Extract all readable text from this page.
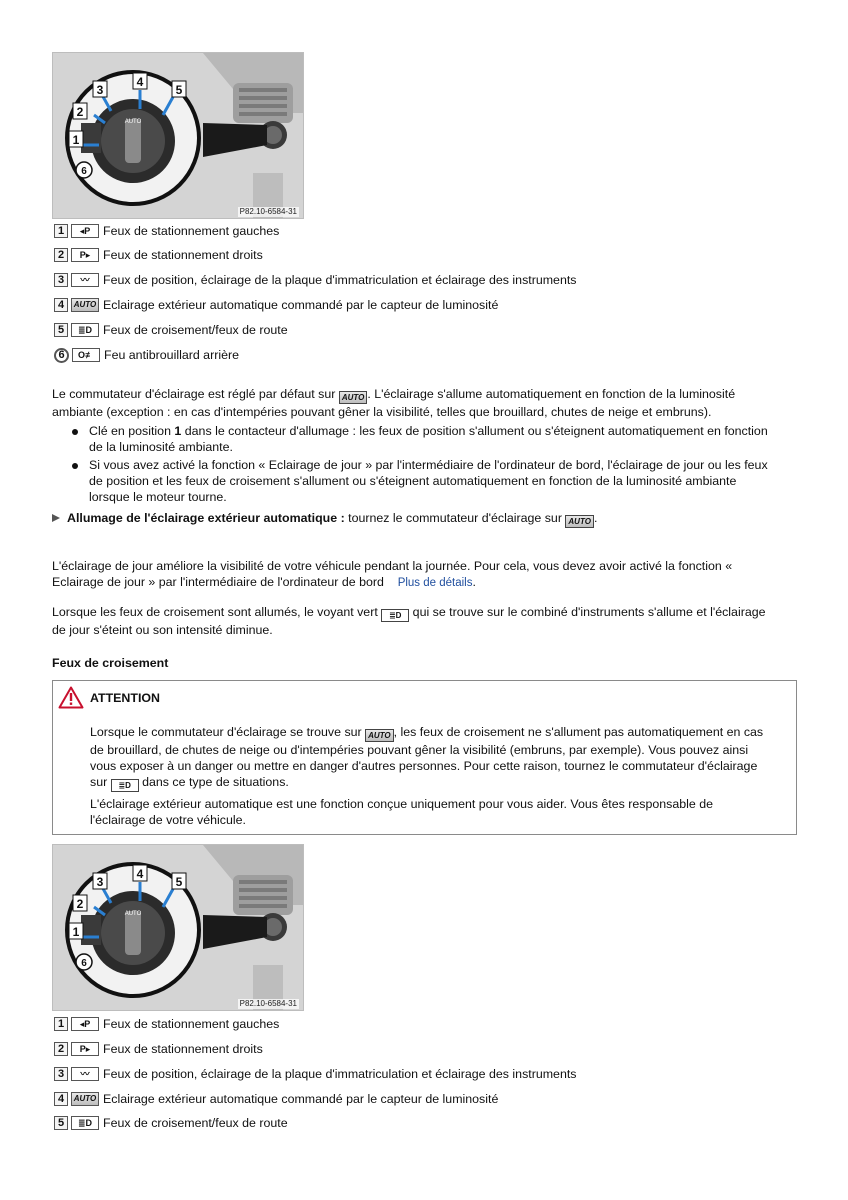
AUTO
1
2
3
4
5
6
P82.10-6584-31
1	◂P	Feux de stationnement gauches
2	P▸	Feux de stationnement droits
3	〰	Feux de position, éclairage de la plaque d'immatriculation et éclairage des instruments
4	AUTO Eclairage extérieur automatique commandé par le capteur de luminosité
5	≣D Feux de croisement/feux de route
6	O≢ Feu antibrouillard arrière
Le commutateur d'éclairage est réglé par défaut sur AUTO . L'éclairage s'allume automatiquement en fonction de la luminosité
ambiante (exception : en cas d'intempéries pouvant gêner la visibilité, telles que brouillard, chutes de neige et embruns).
Clé en position 1 dans le contacteur d'allumage : les feux de position s'allument ou s'éteignent automatiquement en fonction
de la luminosité ambiante.
Si vous avez activé la fonction « Eclairage de jour » par l'intermédiaire de l'ordinateur de bord, l'éclairage de jour ou les feux
de position et les feux de croisement s'allument ou s'éteignent automatiquement en fonction de la luminosité ambiante
lorsque le moteur tourne.
Allumage de l'éclairage extérieur automatique : tournez le commutateur d'éclairage sur AUTO .
L'éclairage de jour améliore la visibilité de votre véhicule pendant la journée. Pour cela, vous devez avoir activé la fonction «
Eclairage de jour » par l'intermédiaire de l'ordinateur de bord Plus de détails.
Lorsque les feux de croisement sont allumés, le voyant vert ≣D qui se trouve sur le combiné d'instruments s'allume et l'éclairage
de jour s'éteint ou son intensité diminue.
Feux de croisement
ATTENTION
Lorsque le commutateur d'éclairage se trouve sur AUTO , les feux de croisement ne s'allument pas automatiquement en cas
de brouillard, de chutes de neige ou d'intempéries pouvant gêner la visibilité (embruns, par exemple). Vous pouvez ainsi
vous exposer à un danger ou mettre en danger d'autres personnes. Pour cette raison, tournez le commutateur d'éclairage
sur ≣D dans ce type de situations.
L'éclairage extérieur automatique est une fonction conçue uniquement pour vous aider. Vous êtes responsable de
l'éclairage de votre véhicule.
AUTO
1
2
3
4
5
6
P82.10-6584-31
1	◂P	Feux de stationnement gauches
2	P▸	Feux de stationnement droits
3	〰	Feux de position, éclairage de la plaque d'immatriculation et éclairage des instruments
4	AUTO Eclairage extérieur automatique commandé par le capteur de luminosité
5	≣D Feux de croisement/feux de route
